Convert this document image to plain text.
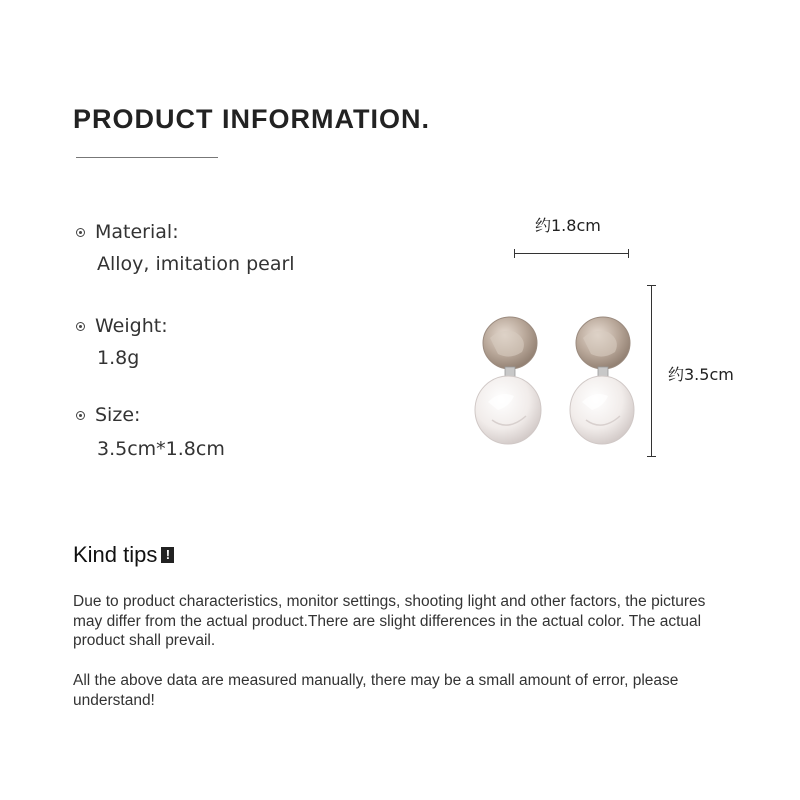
PRODUCT INFORMATION.
Material:
Alloy, imitation pearl
Weight:
1.8g
Size:
3.5cm*1.8cm
约1.8cm
约3.5cm
Kind tips !

Due to product characteristics, monitor settings, shooting light and other factors, the pictures may differ from the actual product.There are slight differences in the actual color. The actual product shall prevail.

All the above data are measured manually, there may be a small amount of error, please understand!
